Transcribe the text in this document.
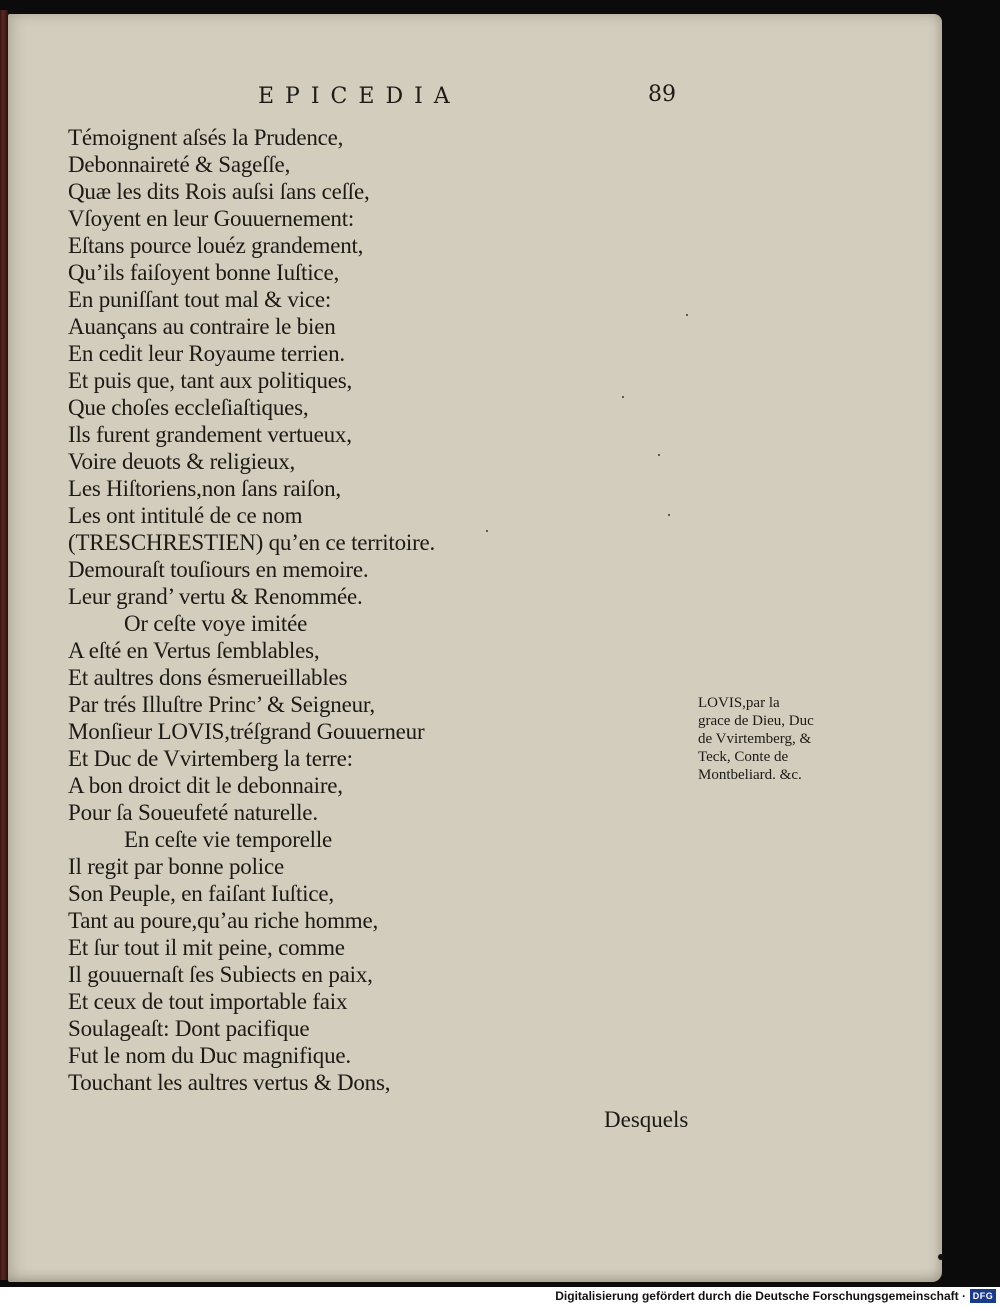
EPICEDIA	89

Témoignent aſsés la Prudence,
Debonnaireté & Sageſſe,
Quæ les dits Rois auſsi ſans ceſſe,
Vſoyent en leur Gouuernement:
Eſtans pource louéz grandement,
Qu’ils faiſoyent bonne Iuſtice,
En puniſſant tout mal & vice:
Auançans au contraire le bien
En cedit leur Royaume terrien.
Et puis que, tant aux politiques,
Que choſes eccleſiaſtiques,
Ils furent grandement vertueux,
Voire deuots & religieux,
Les Hiſtoriens,non ſans raiſon,
Les ont intitulé de ce nom
(TRESCHRESTIEN) qu’en ce territoire.
Demouraſt touſiours en memoire.
Leur grand’ vertu & Renommée.
Or ceſte voye imitée
A eſté en Vertus ſemblables,
Et aultres dons ésmerueillables
Par trés Illuſtre Princ’ & Seigneur,
Monſieur LOVIS,tréſgrand Gouuerneur
Et Duc de Vvirtemberg la terre:
A bon droict dit le debonnaire,
Pour ſa Soueufeté naturelle.
En ceſte vie temporelle
Il regit par bonne police
Son Peuple, en faiſant Iuſtice,
Tant au poure,qu’au riche homme,
Et ſur tout il mit peine, comme
Il gouuernaſt ſes Subiects en paix,
Et ceux de tout importable faix
Soulageaſt: Dont pacifique
Fut le nom du Duc magnifique.
Touchant les aultres vertus & Dons,
LOVIS,par la
grace de Dieu, Duc
de Vvirtemberg, &
Teck, Conte de
Montbeliard. &c.

Desquels

Digitalisierung gefördert durch die Deutsche Forschungsgemeinschaft · DFG
